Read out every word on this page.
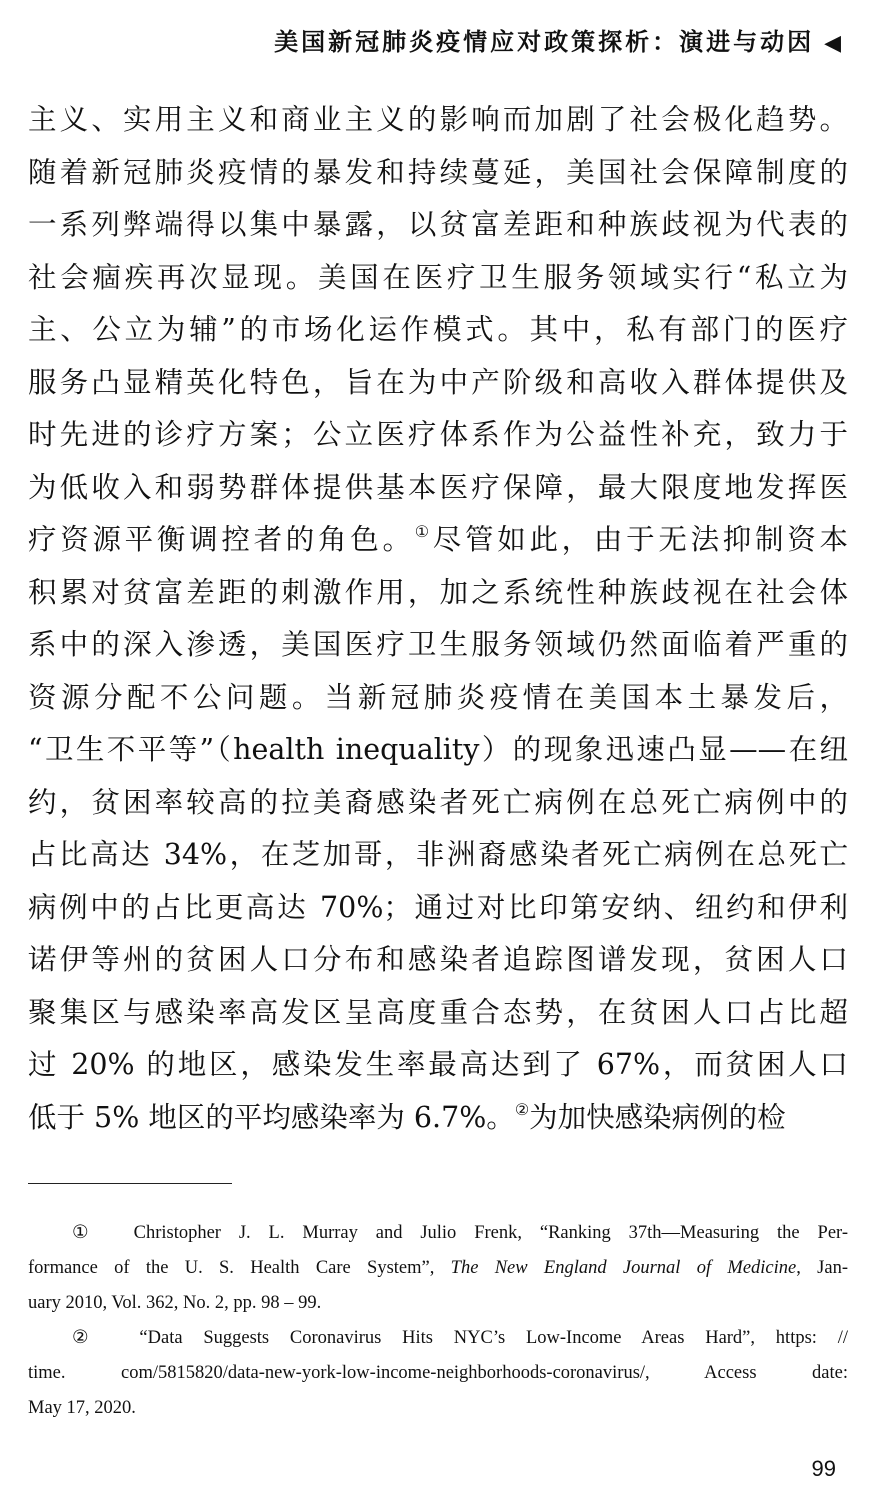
美国新冠肺炎疫情应对政策探析：演进与动因 ◀
主义、实用主义和商业主义的影响而加剧了社会极化趋势。
随着新冠肺炎疫情的暴发和持续蔓延，美国社会保障制度的
一系列弊端得以集中暴露，以贫富差距和种族歧视为代表的
社会痼疾再次显现。美国在医疗卫生服务领域实行“私立为
主、公立为辅”的市场化运作模式。其中，私有部门的医疗
服务凸显精英化特色，旨在为中产阶级和高收入群体提供及
时先进的诊疗方案；公立医疗体系作为公益性补充，致力于
为低收入和弱势群体提供基本医疗保障，最大限度地发挥医
疗资源平衡调控者的角色。①尽管如此，由于无法抑制资本
积累对贫富差距的刺激作用，加之系统性种族歧视在社会体
系中的深入渗透，美国医疗卫生服务领域仍然面临着严重的
资源分配不公问题。当新冠肺炎疫情在美国本土暴发后，
“卫生不平等”（health inequality）的现象迅速凸显——在纽
约，贫困率较高的拉美裔感染者死亡病例在总死亡病例中的
占比高达 34%，在芝加哥，非洲裔感染者死亡病例在总死亡
病例中的占比更高达 70%；通过对比印第安纳、纽约和伊利
诺伊等州的贫困人口分布和感染者追踪图谱发现，贫困人口
聚集区与感染率高发区呈高度重合态势，在贫困人口占比超
过 20% 的地区，感染发生率最高达到了 67%，而贫困人口
低于 5% 地区的平均感染率为 6.7%。②为加快感染病例的检
①　Christopher J. L. Murray and Julio Frenk, “Ranking 37th—Measuring the Per-
formance of the U. S. Health Care System”, The New England Journal of Medicine, Jan-
uary 2010, Vol. 362, No. 2, pp. 98 – 99.
②　“Data Suggests Coronavirus Hits NYC’s Low-Income Areas Hard”, https: //
time. com/5815820/data-new-york-low-income-neighborhoods-coronavirus/, Access date:
May 17, 2020.
99
